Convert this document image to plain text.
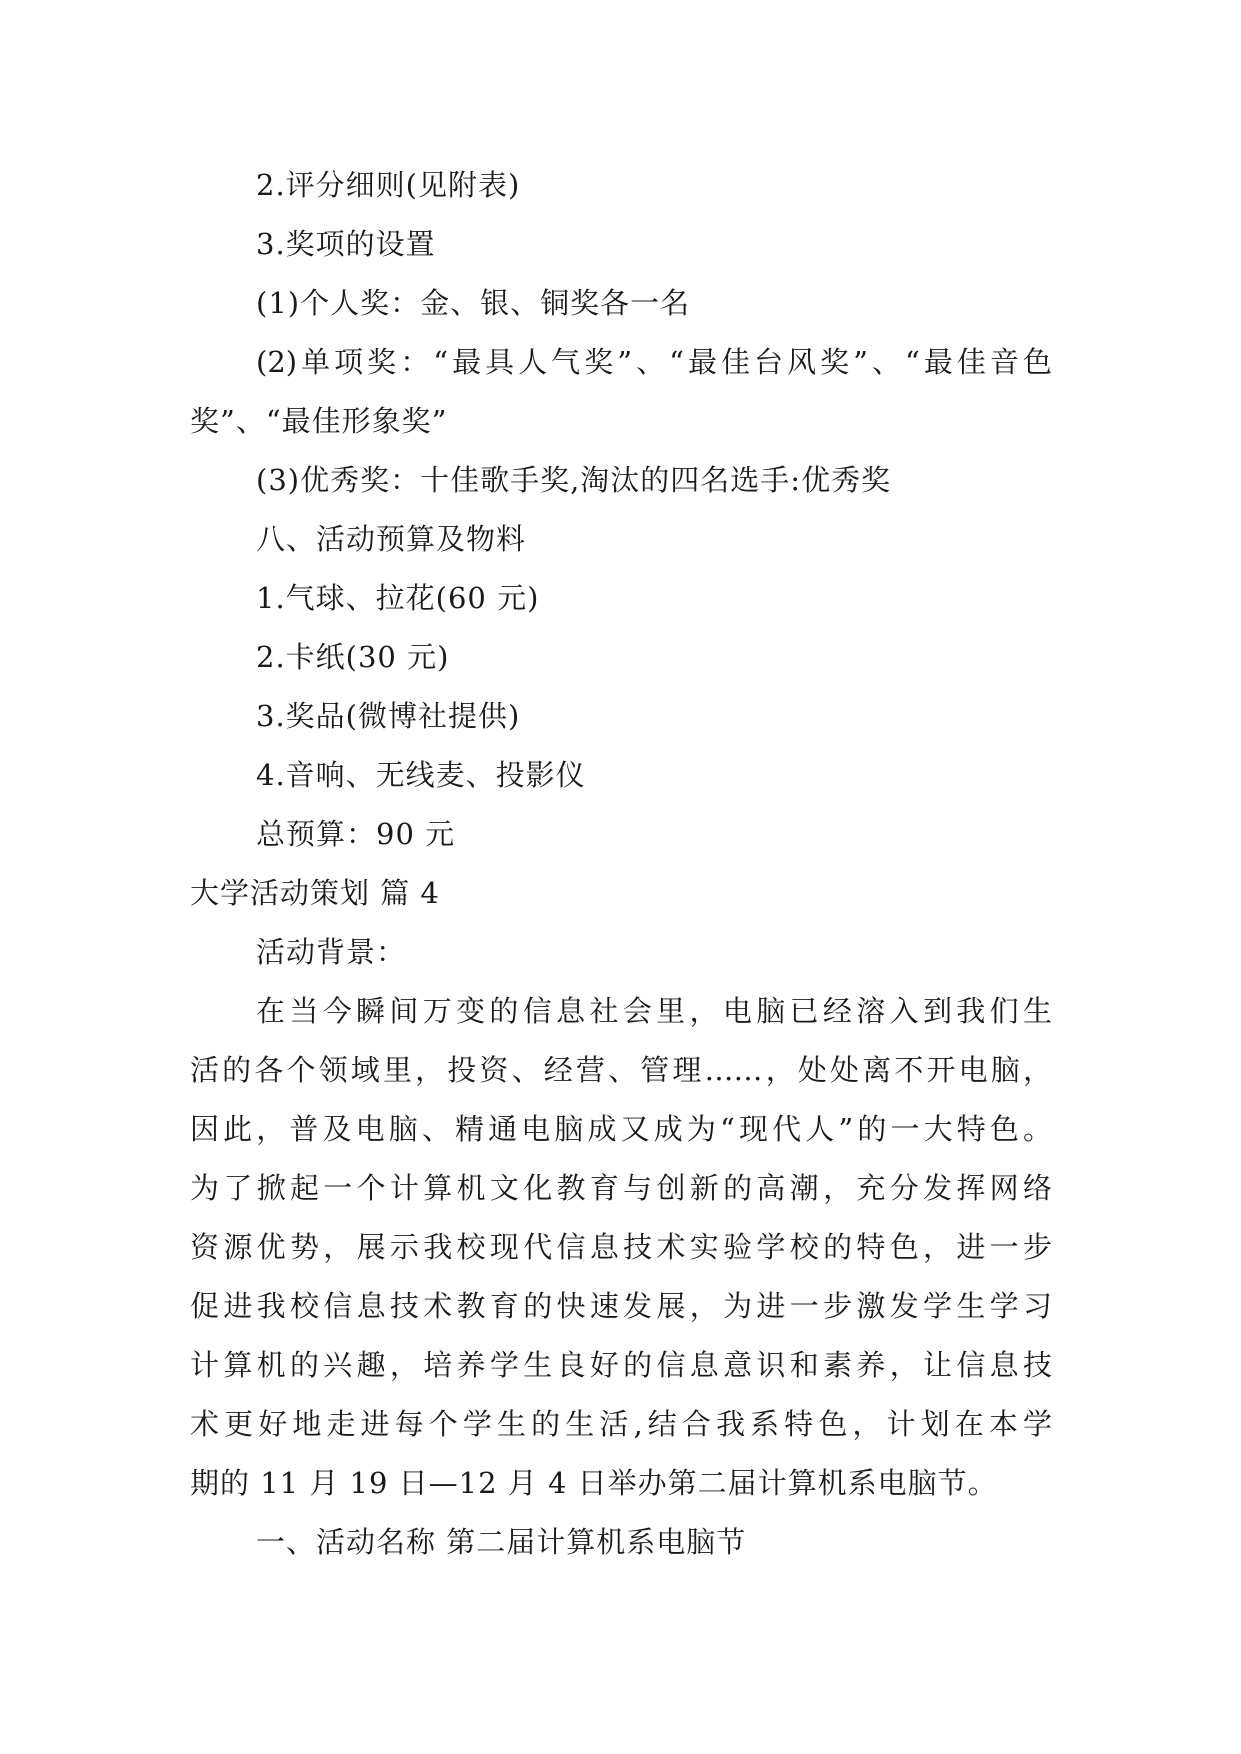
2.评分细则(见附表)
3.奖项的设置
(1)个人奖：金、银、铜奖各一名
(2)单项奖：“最具人气奖”、“最佳台风奖”、“最佳音色
奖”、“最佳形象奖”
(3)优秀奖：十佳歌手奖,淘汰的四名选手:优秀奖
八、活动预算及物料
1.气球、拉花(60 元)
2.卡纸(30 元)
3.奖品(微博社提供)
4.音响、无线麦、投影仪
总预算：90 元
大学活动策划 篇 4
活动背景：
在当今瞬间万变的信息社会里，电脑已经溶入到我们生
活的各个领域里，投资、经营、管理……，处处离不开电脑，
因此，普及电脑、精通电脑成又成为“现代人”的一大特色。
为了掀起一个计算机文化教育与创新的高潮，充分发挥网络
资源优势，展示我校现代信息技术实验学校的特色，进一步
促进我校信息技术教育的快速发展，为进一步激发学生学习
计算机的兴趣，培养学生良好的信息意识和素养，让信息技
术更好地走进每个学生的生活,结合我系特色，计划在本学
期的 11 月 19 日—12 月 4 日举办第二届计算机系电脑节。
一、活动名称 第二届计算机系电脑节
